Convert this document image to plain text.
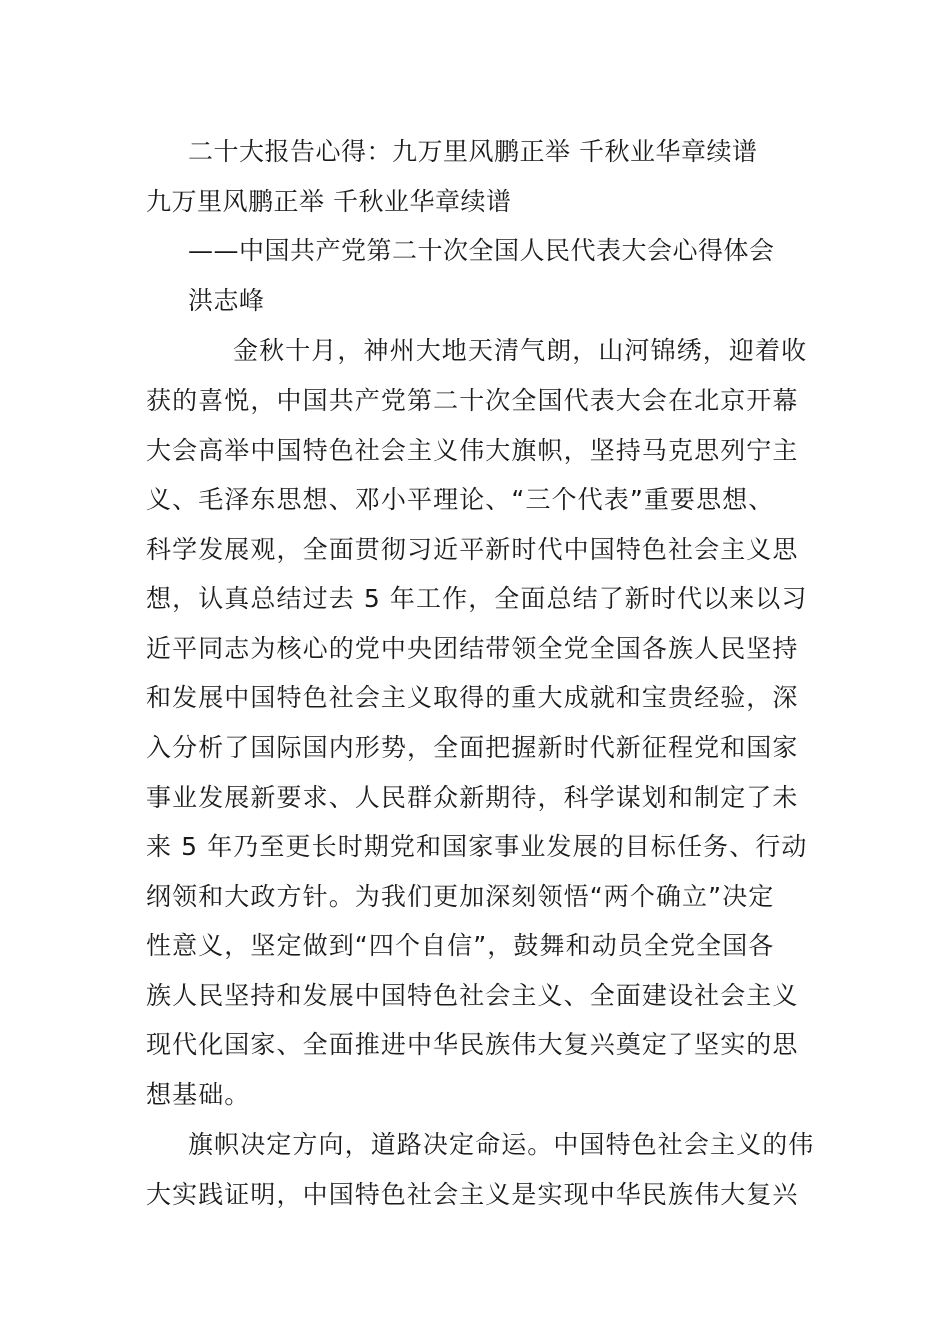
二十大报告心得：九万里风鹏正举 千秋业华章续谱
九万里风鹏正举 千秋业华章续谱
——中国共产党第二十次全国人民代表大会心得体会
洪志峰
金秋十月，神州大地天清气朗，山河锦绣，迎着收
获的喜悦，中国共产党第二十次全国代表大会在北京开幕
大会高举中国特色社会主义伟大旗帜，坚持马克思列宁主
义、毛泽东思想、邓小平理论、“三个代表”重要思想、
科学发展观，全面贯彻习近平新时代中国特色社会主义思
想，认真总结过去 5 年工作，全面总结了新时代以来以习
近平同志为核心的党中央团结带领全党全国各族人民坚持
和发展中国特色社会主义取得的重大成就和宝贵经验，深
入分析了国际国内形势，全面把握新时代新征程党和国家
事业发展新要求、人民群众新期待，科学谋划和制定了未
来 5 年乃至更长时期党和国家事业发展的目标任务、行动
纲领和大政方针。为我们更加深刻领悟“两个确立”决定
性意义，坚定做到“四个自信”，鼓舞和动员全党全国各
族人民坚持和发展中国特色社会主义、全面建设社会主义
现代化国家、全面推进中华民族伟大复兴奠定了坚实的思
想基础。
旗帜决定方向，道路决定命运。中国特色社会主义的伟
大实践证明，中国特色社会主义是实现中华民族伟大复兴
